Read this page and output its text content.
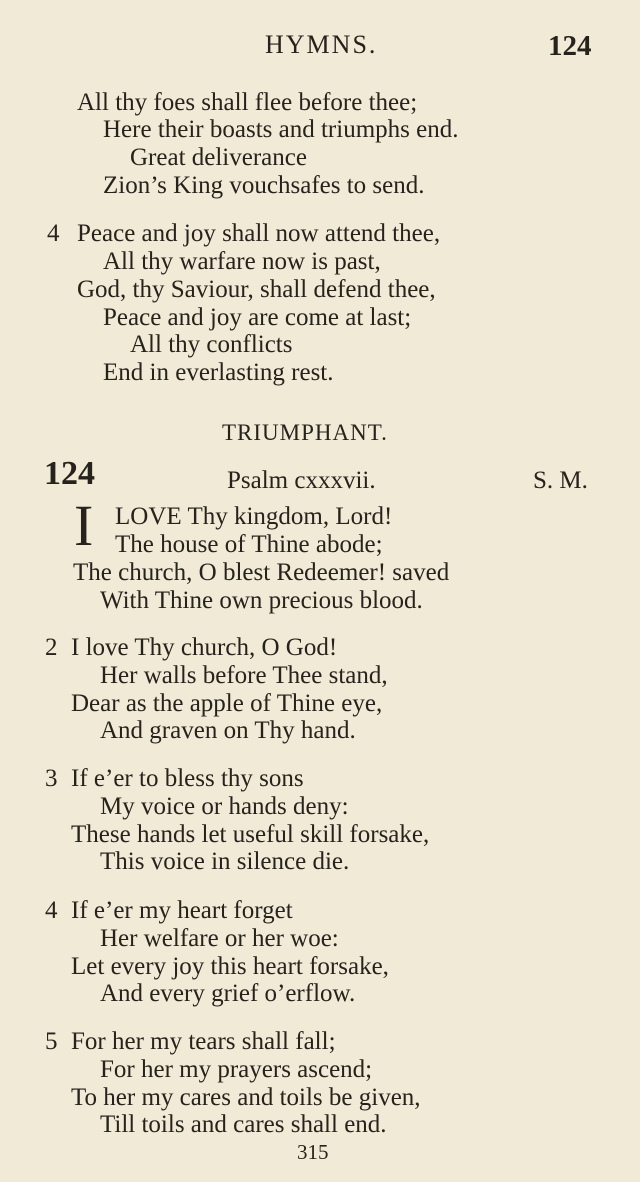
HYMNS.	124
All thy foes shall flee before thee;
Here their boasts and triumphs end.
Great deliverance
Zion’s King vouchsafes to send.
4 Peace and joy shall now attend thee,
All thy warfare now is past,
God, thy Saviour, shall defend thee,
Peace and joy are come at last;
All thy conflicts
End in everlasting rest.
TRIUMPHANT.
124	Psalm cxxxvii.	S. M.
I LOVE Thy kingdom, Lord!
The house of Thine abode;
The church, O blest Redeemer! saved
With Thine own precious blood.
2 I love Thy church, O God!
Her walls before Thee stand,
Dear as the apple of Thine eye,
And graven on Thy hand.
3 If e’er to bless thy sons
My voice or hands deny:
These hands let useful skill forsake,
This voice in silence die.
4 If e’er my heart forget
Her welfare or her woe:
Let every joy this heart forsake,
And every grief o’erflow.
5 For her my tears shall fall;
For her my prayers ascend;
To her my cares and toils be given,
Till toils and cares shall end.
315
